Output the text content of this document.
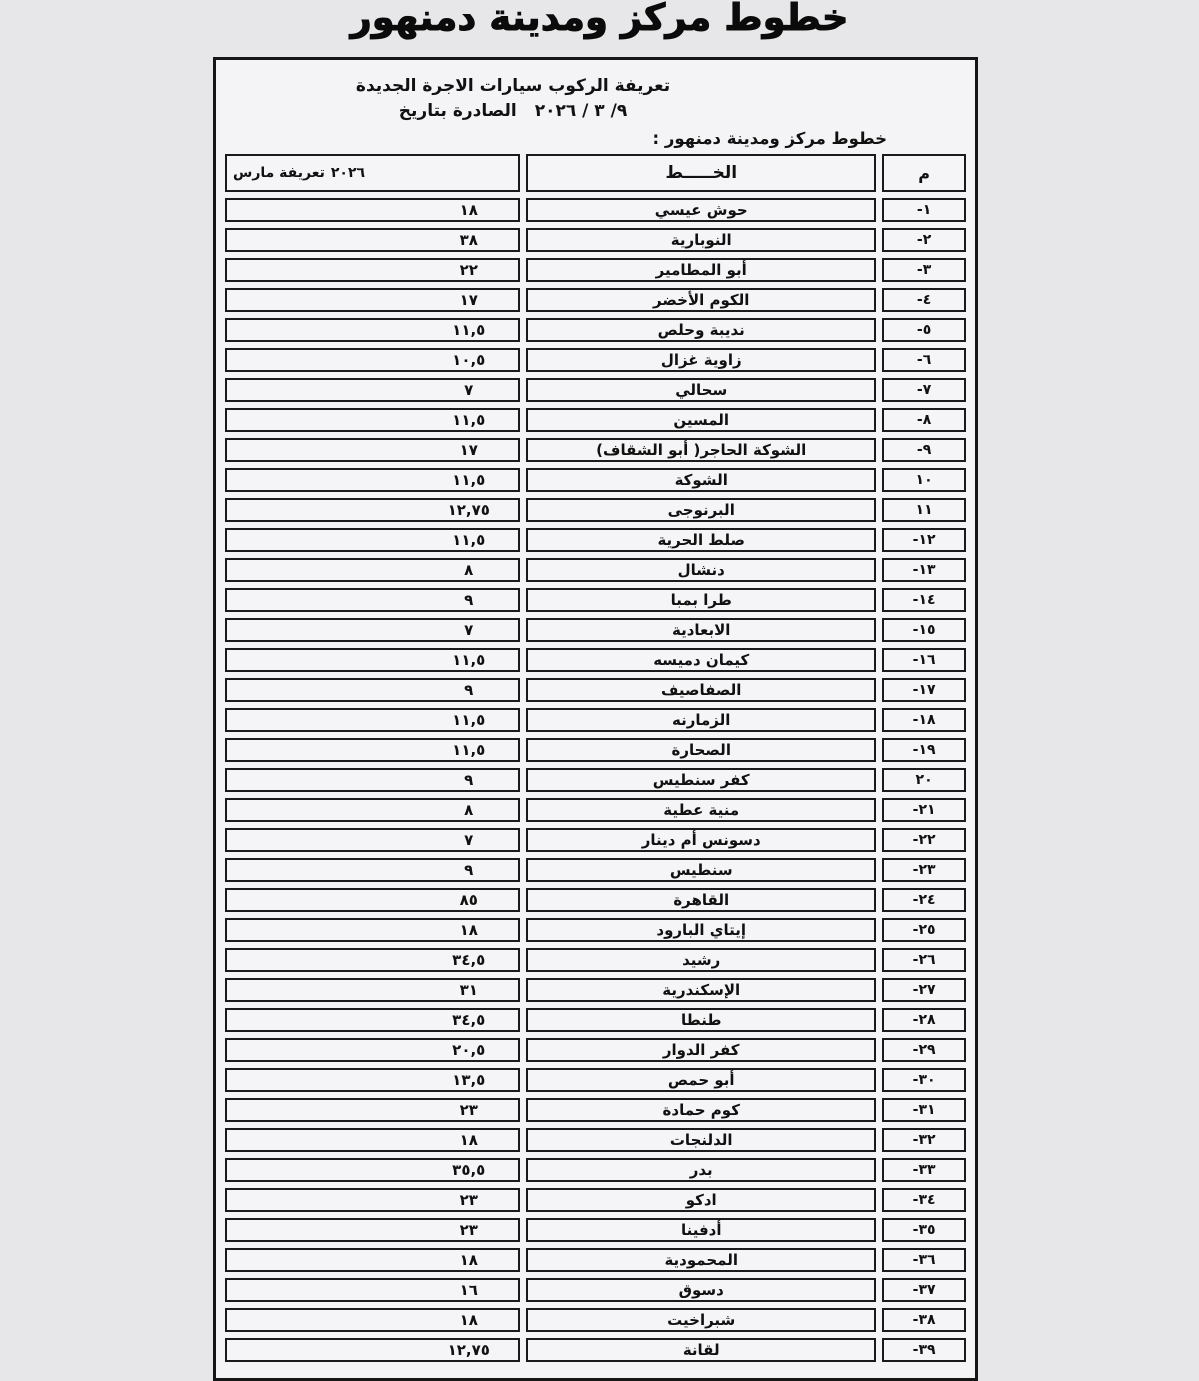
خطوط مركز ومدينة دمنهور
تعريفة الركوب سيارات الاجرة الجديدة
الصادرة بتاريخ ٩/ ٣ / ٢٠٢٦
خطوط مركز ومدينة دمنهور :
م	الخـــــط	تعريفة مارس ٢٠٢٦

-١	حوش عيسي	١٨

-٢	النوبارية	٣٨

-٣	أبو المطامير	٢٢

-٤	الكوم الأخضر	١٧

-٥	نديبة وحلص	١١,٥

-٦	زاوية غزال	١٠,٥

-٧	سحالي	٧

-٨	المسين	١١,٥

-٩	الشوكة الحاجر( أبو الشقاف)	١٧

١٠	الشوكة	١١,٥

١١	البرنوجى	١٢,٧٥

-١٢	صلط الحرية	١١,٥

-١٣	دنشال	٨

-١٤	طرا بمبا	٩

-١٥	الابعادية	٧

-١٦	كيمان دميسه	١١,٥

-١٧	الصفاصيف	٩

-١٨	الزمارنه	١١,٥

-١٩	الصحارة	١١,٥

٢٠	كفر سنطيس	٩

-٢١	منية عطية	٨

-٢٢	دسونس أم دينار	٧

-٢٣	سنطيس	٩

-٢٤	القاهرة	٨٥

-٢٥	إيتاي البارود	١٨

-٢٦	رشيد	٣٤,٥

-٢٧	الإسكندرية	٣١

-٢٨	طنطا	٣٤,٥

-٢٩	كفر الدوار	٢٠,٥

-٣٠	أبو حمص	١٣,٥

-٣١	كوم حمادة	٢٣

-٣٢	الدلنجات	١٨

-٣٣	بدر	٣٥,٥

-٣٤	ادكو	٢٣

-٣٥	أدفينا	٢٣

-٣٦	المحمودية	١٨

-٣٧	دسوق	١٦

-٣٨	شبراخيت	١٨

-٣٩	لقانة	١٢,٧٥
